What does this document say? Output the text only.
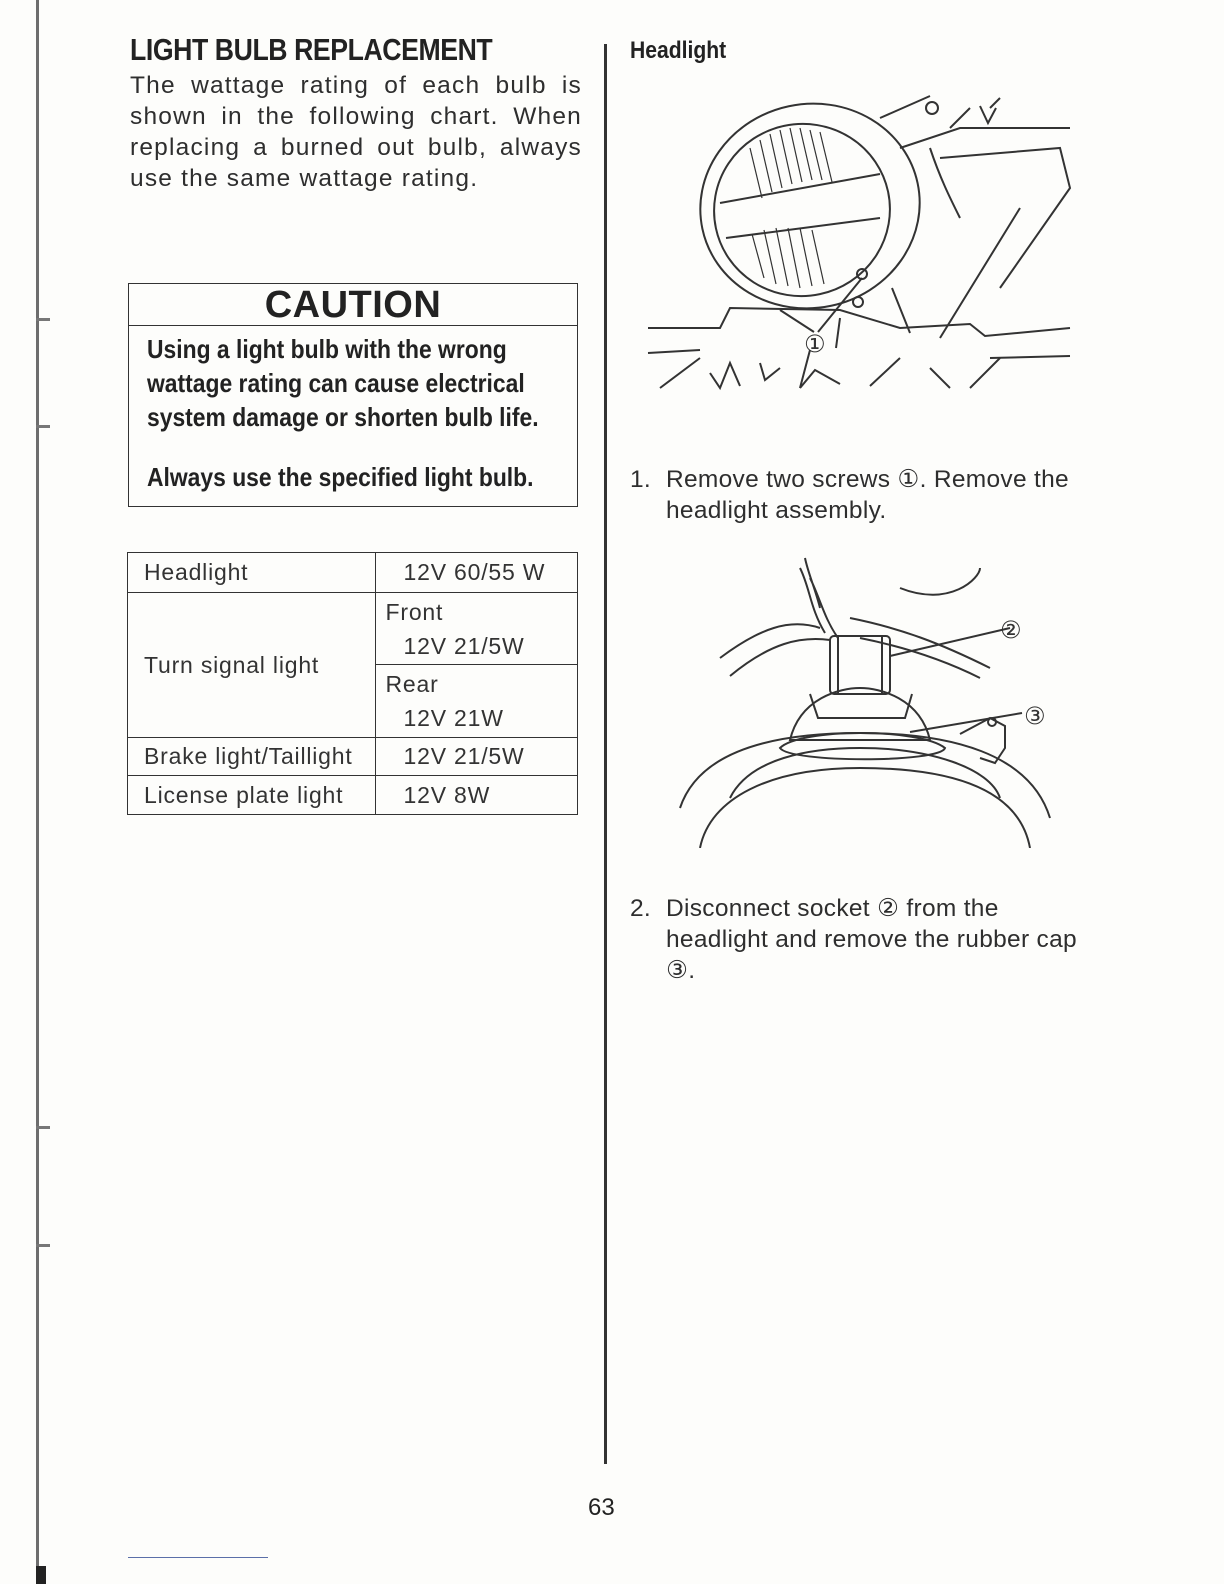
LIGHT BULB REPLACEMENT

The wattage rating of each bulb is shown in the following chart. When replacing a burned out bulb, always use the same wattage rating.

CAUTION
Using a light bulb with the wrong
wattage rating can cause electrical
system damage or shorten bulb life.
Always use the specified light bulb.
Headlight	12V 60/55 W
Turn signal light	Front
12V 21/5W

	Rear
12V 21W

Brake light/Taillight	12V 21/5W
License plate light	12V 8W
Headlight
①
1. Remove two screws ①. Remove the headlight assembly.
②
③
2. Disconnect socket ② from the headlight and remove the rubber cap ③.
63
